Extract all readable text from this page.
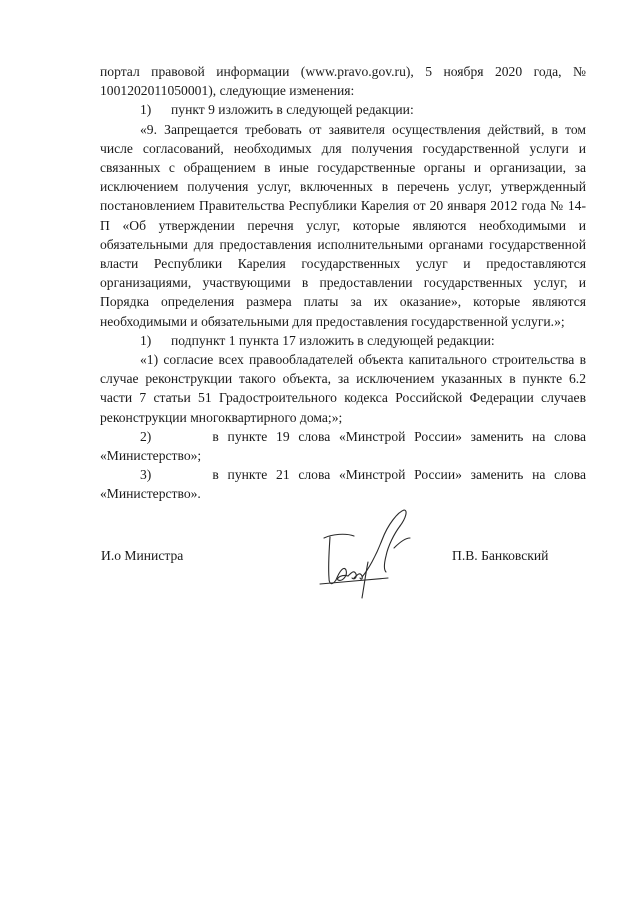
портал правовой информации (www.pravo.gov.ru), 5 ноября 2020 года, № 1001202011050001), следующие изменения:

1)	пункт 9 изложить в следующей редакции:

«9. Запрещается требовать от заявителя осуществления действий, в том числе согласований, необходимых для получения государственной услуги и связанных с обращением в иные государственные органы и организации, за исключением получения услуг, включенных в перечень услуг, утвержденный постановлением Правительства Республики Карелия от 20 января 2012 года № 14-П «Об утверждении перечня услуг, которые являются необходимыми и обязательными для предоставления исполнительными органами государственной власти Республики Карелия государственных услуг и предоставляются организациями, участвующими в предоставлении государственных услуг, и Порядка определения размера платы за их оказание», которые являются необходимыми и обязательными для предоставления государственной услуги.»;

1)	подпункт 1 пункта 17 изложить в следующей редакции:

«1) согласие всех правообладателей объекта капитального строительства в случае реконструкции такого объекта, за исключением указанных в пункте 6.2 части 7 статьи 51 Градостроительного кодекса Российской Федерации случаев реконструкции многоквартирного дома;»;

2)	в пункте 19 слова «Минстрой России» заменить на слова «Министерство»;

3)	в пункте 21 слова «Минстрой России» заменить на слова «Министерство».

И.о Министра	П.В. Банковский
